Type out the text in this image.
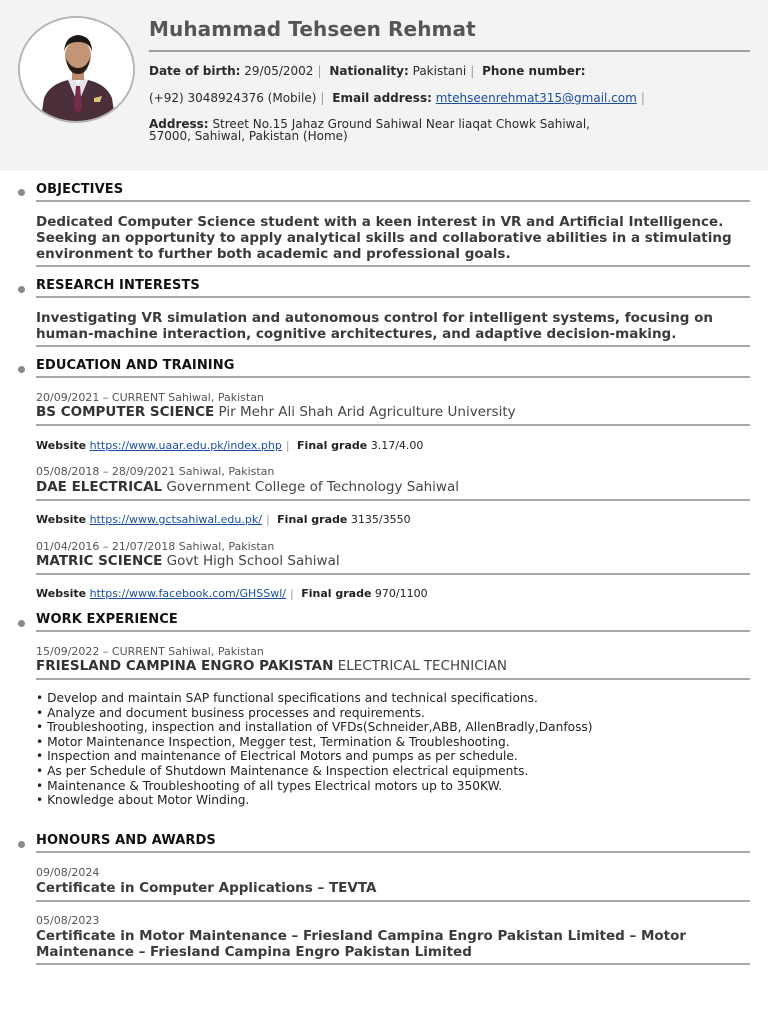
Muhammad Tehseen Rehmat
Date of birth: 29/05/2002 | Nationality: Pakistani | Phone number:
(+92) 3048924376 (Mobile) | Email address: mtehseenrehmat315@gmail.com |
Address: Street No.15 Jahaz Ground Sahiwal Near liaqat Chowk Sahiwal,
57000, Sahiwal, Pakistan (Home)
OBJECTIVES
Dedicated Computer Science student with a keen interest in VR and Artificial Intelligence. Seeking an opportunity to apply analytical skills and collaborative abilities in a stimulating environment to further both academic and professional goals.
RESEARCH INTERESTS
Investigating VR simulation and autonomous control for intelligent systems, focusing on human-machine interaction, cognitive architectures, and adaptive decision-making.
EDUCATION AND TRAINING
20/09/2021 – CURRENT Sahiwal, Pakistan
BS COMPUTER SCIENCE Pir Mehr Ali Shah Arid Agriculture University
Website https://www.uaar.edu.pk/index.php | Final grade 3.17/4.00
05/08/2018 – 28/09/2021 Sahiwal, Pakistan
DAE ELECTRICAL Government College of Technology Sahiwal
Website https://www.gctsahiwal.edu.pk/ | Final grade 3135/3550
01/04/2016 – 21/07/2018 Sahiwal, Pakistan
MATRIC SCIENCE Govt High School Sahiwal
Website https://www.facebook.com/GHSSwl/ | Final grade 970/1100
WORK EXPERIENCE
15/09/2022 – CURRENT Sahiwal, Pakistan
FRIESLAND CAMPINA ENGRO PAKISTAN ELECTRICAL TECHNICIAN
• Develop and maintain SAP functional specifications and technical specifications.
• Analyze and document business processes and requirements.
• Troubleshooting, inspection and installation of VFDs(Schneider,ABB, AllenBradly,Danfoss)
• Motor Maintenance Inspection, Megger test, Termination & Troubleshooting.
• Inspection and maintenance of Electrical Motors and pumps as per schedule.
• As per Schedule of Shutdown Maintenance & Inspection electrical equipments.
• Maintenance & Troubleshooting of all types Electrical motors up to 350KW.
• Knowledge about Motor Winding.
HONOURS AND AWARDS
09/08/2024
Certificate in Computer Applications – TEVTA
05/08/2023
Certificate in Motor Maintenance – Friesland Campina Engro Pakistan Limited – Motor Maintenance – Friesland Campina Engro Pakistan Limited
